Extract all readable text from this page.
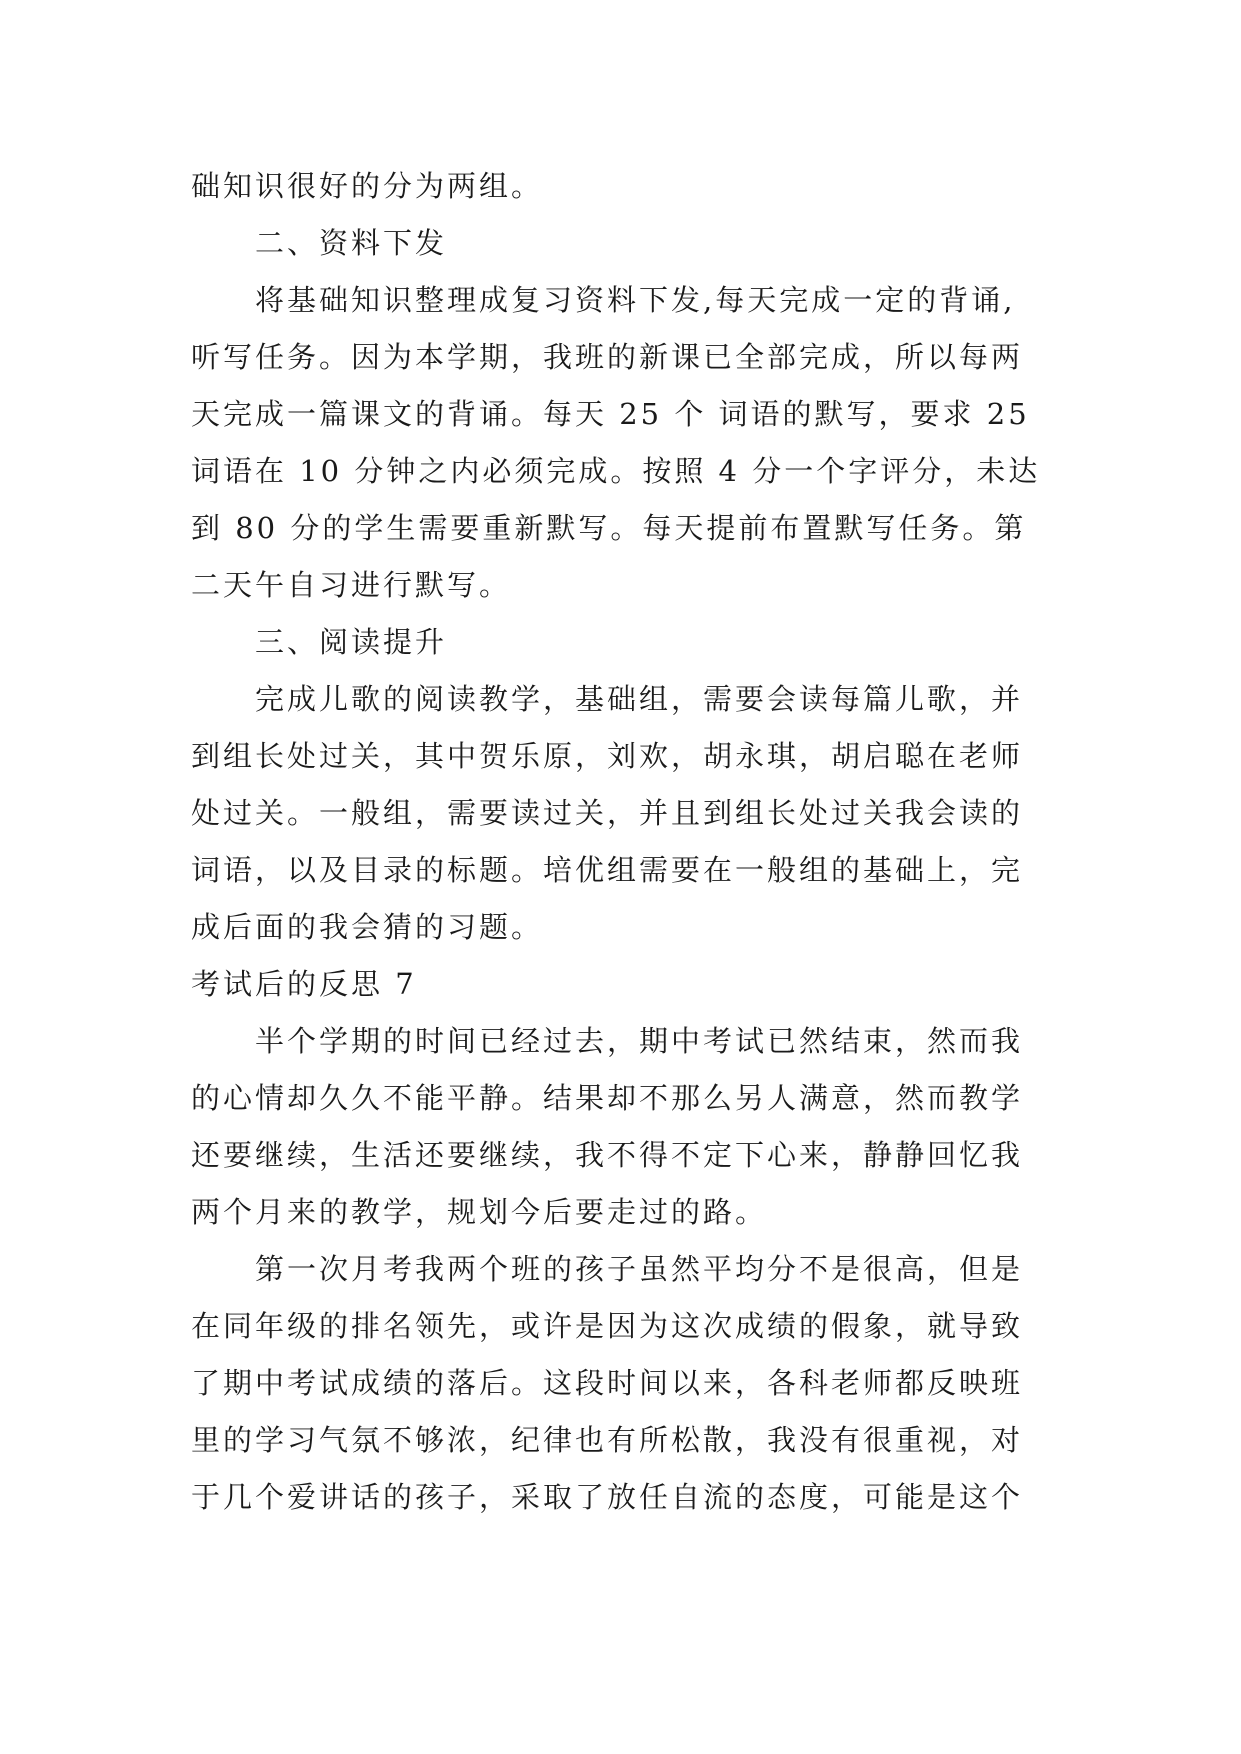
础知识很好的分为两组。
二、资料下发
将基础知识整理成复习资料下发,每天完成一定的背诵,
听写任务。因为本学期，我班的新课已全部完成，所以每两
天完成一篇课文的背诵。每天 25 个 词语的默写，要求 25
词语在 10 分钟之内必须完成。按照 4 分一个字评分，未达
到 80 分的学生需要重新默写。每天提前布置默写任务。第
二天午自习进行默写。
三、阅读提升
完成儿歌的阅读教学，基础组，需要会读每篇儿歌，并
到组长处过关，其中贺乐原，刘欢，胡永琪，胡启聪在老师
处过关。一般组，需要读过关，并且到组长处过关我会读的
词语，以及目录的标题。培优组需要在一般组的基础上，完
成后面的我会猜的习题。
考试后的反思 7
半个学期的时间已经过去，期中考试已然结束，然而我
的心情却久久不能平静。结果却不那么另人满意，然而教学
还要继续，生活还要继续，我不得不定下心来，静静回忆我
两个月来的教学，规划今后要走过的路。
第一次月考我两个班的孩子虽然平均分不是很高，但是
在同年级的排名领先，或许是因为这次成绩的假象，就导致
了期中考试成绩的落后。这段时间以来，各科老师都反映班
里的学习气氛不够浓，纪律也有所松散，我没有很重视，对
于几个爱讲话的孩子，采取了放任自流的态度，可能是这个
